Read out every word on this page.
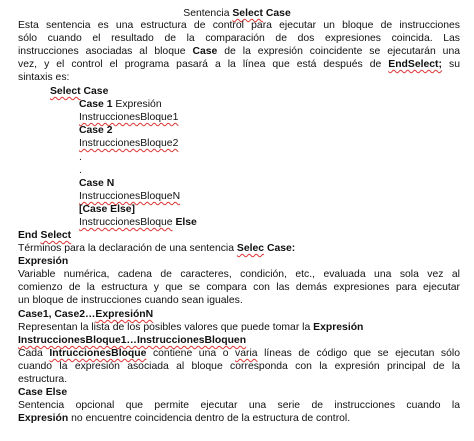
Sentencia Select Case
Esta sentencia es una estructura de control para ejecutar un bloque de instrucciones
sólo cuando el resultado de la comparación de dos expresiones coincida. Las
instrucciones asociadas al bloque Case de la expresión coincidente se ejecutarán una
vez, y el control el programa pasará a la línea que está después de EndSelect; su
sintaxis es:
Select Case
Case 1 Expresión
InstruccionesBloque1
Case 2
InstruccionesBloque2
.
.
Case N
InstruccionesBloqueN
[Case Else]
InstruccionesBloque Else
End Select
Términos para la declaración de una sentencia Selec Case:
Expresión
Variable numérica, cadena de caracteres, condición, etc., evaluada una sola vez al
comienzo de la estructura y que se compara con las demás expresiones para ejecutar
un bloque de instrucciones cuando sean iguales.
Case1, Case2…ExpresiónN
Representan la lista de los posibles valores que puede tomar la Expresión
InstruccionesBloque1…InstruccionesBloquen
Cada IntruccionesBloque contiene una o varia líneas de código que se ejecutan sólo
cuando la expresión asociada al bloque corresponda con la expresión principal de la
estructura.
Case Else
Sentencia opcional que permite ejecutar una serie de instrucciones cuando la
Expresión no encuentre coincidencia dentro de la estructura de control.
